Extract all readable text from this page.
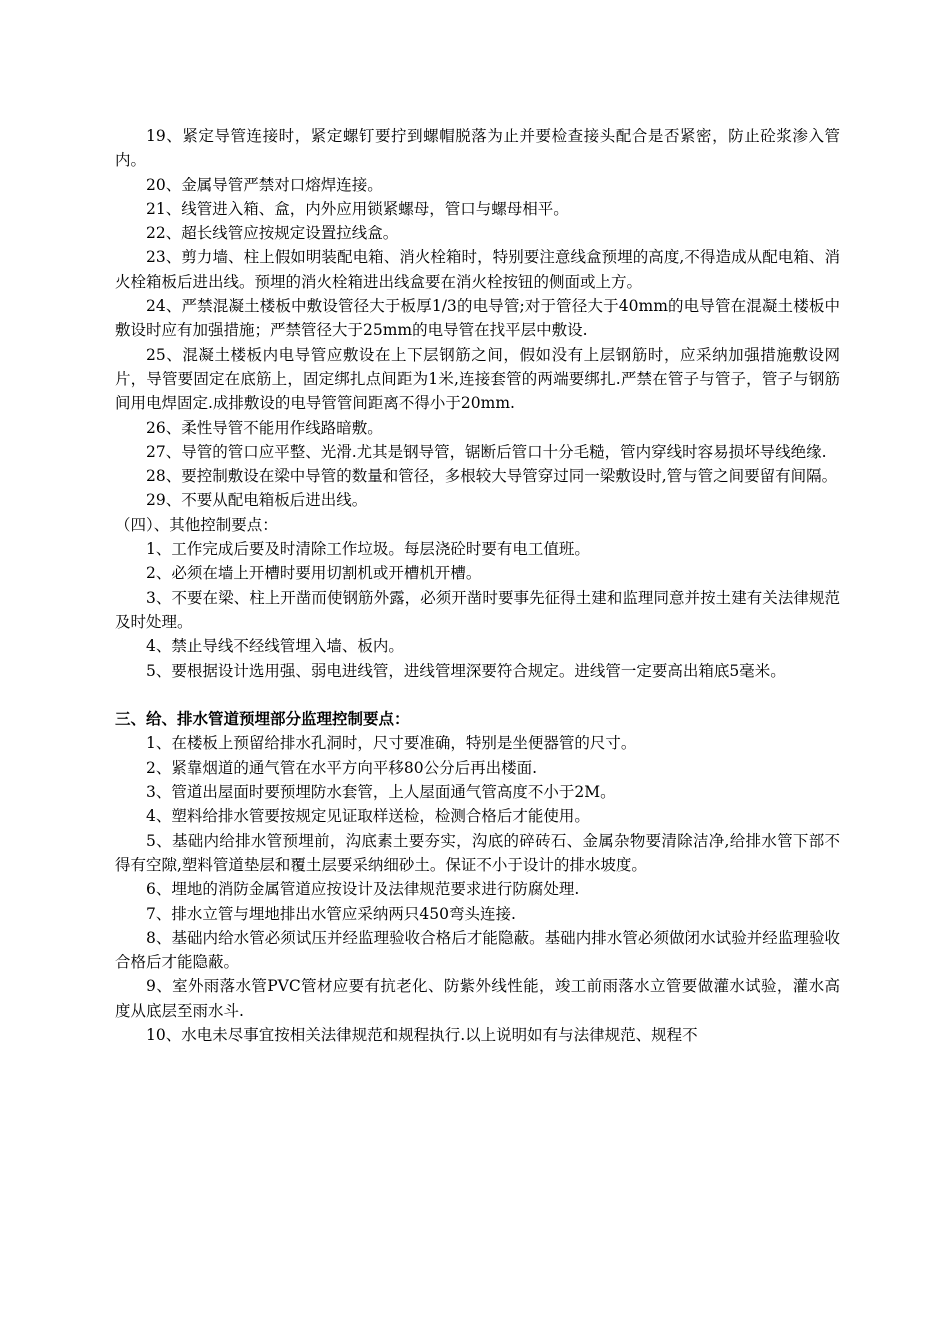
19、紧定导管连接时，紧定螺钉要拧到螺帽脱落为止并要检查接头配合是否紧密，防止砼浆渗入管内。

20、金属导管严禁对口熔焊连接。

21、线管进入箱、盒，内外应用锁紧螺母，管口与螺母相平。

22、超长线管应按规定设置拉线盒。

23、剪力墙、柱上假如明装配电箱、消火栓箱时，特别要注意线盒预埋的高度,不得造成从配电箱、消火栓箱板后进出线。预埋的消火栓箱进出线盒要在消火栓按钮的侧面或上方。

24、严禁混凝土楼板中敷设管径大于板厚1/3的电导管;对于管径大于40mm的电导管在混凝土楼板中敷设时应有加强措施；严禁管径大于25mm的电导管在找平层中敷设.

25、混凝土楼板内电导管应敷设在上下层钢筋之间，假如没有上层钢筋时，应采纳加强措施敷设网片，导管要固定在底筋上，固定绑扎点间距为1米,连接套管的两端要绑扎.严禁在管子与管子，管子与钢筋间用电焊固定.成排敷设的电导管管间距离不得小于20mm.

26、柔性导管不能用作线路暗敷。

27、导管的管口应平整、光滑.尤其是钢导管，锯断后管口十分毛糙，管内穿线时容易损坏导线绝缘.

28、要控制敷设在梁中导管的数量和管径，多根较大导管穿过同一梁敷设时,管与管之间要留有间隔。

29、不要从配电箱板后进出线。

（四）、其他控制要点：

1、工作完成后要及时清除工作垃圾。每层浇砼时要有电工值班。

2、必须在墙上开槽时要用切割机或开槽机开槽。

3、不要在梁、柱上开凿而使钢筋外露，必须开凿时要事先征得土建和监理同意并按土建有关法律规范及时处理。

4、禁止导线不经线管埋入墙、板内。

5、要根据设计选用强、弱电进线管，进线管埋深要符合规定。进线管一定要高出箱底5毫米。

三、给、排水管道预埋部分监理控制要点：

1、在楼板上预留给排水孔洞时，尺寸要准确，特别是坐便器管的尺寸。

2、紧靠烟道的通气管在水平方向平移80公分后再出楼面.

3、管道出屋面时要预埋防水套管，上人屋面通气管高度不小于2M。

4、塑料给排水管要按规定见证取样送检，检测合格后才能使用。

5、基础内给排水管预埋前，沟底素土要夯实，沟底的碎砖石、金属杂物要清除洁净,给排水管下部不得有空隙,塑料管道垫层和覆土层要采纳细砂土。保证不小于设计的排水坡度。

6、埋地的消防金属管道应按设计及法律规范要求进行防腐处理.

7、排水立管与埋地排出水管应采纳两只450弯头连接.

8、基础内给水管必须试压并经监理验收合格后才能隐蔽。基础内排水管必须做闭水试验并经监理验收合格后才能隐蔽。

9、室外雨落水管PVC管材应要有抗老化、防紫外线性能，竣工前雨落水立管要做灌水试验，灌水高度从底层至雨水斗.

10、水电未尽事宜按相关法律规范和规程执行.以上说明如有与法律规范、规程不
